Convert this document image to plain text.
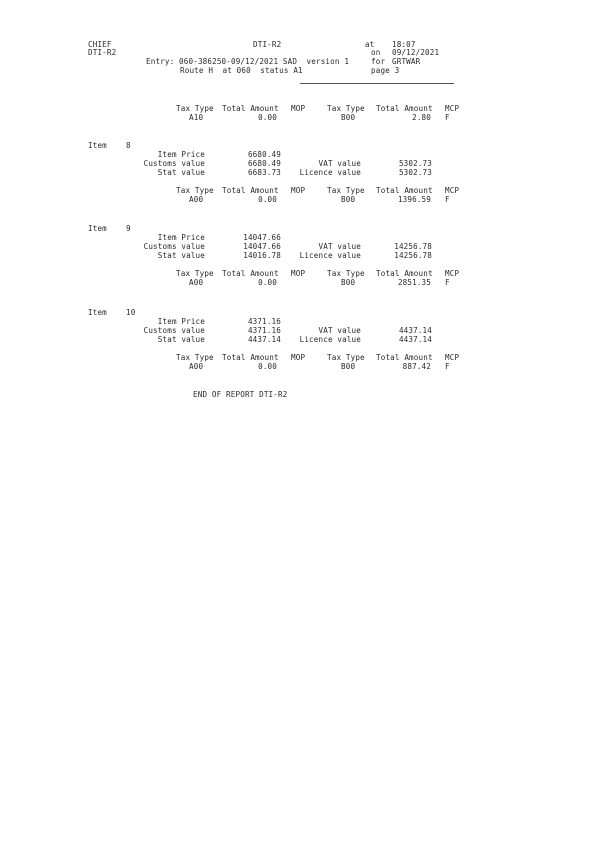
CHIEF
DTI-R2
DTI-R2	at 18:07
on 09/12/2021
Entry: 060-386250-09/12/2021 SAD  version 1	for GRTWAR
Route H  at 060  status A1	page 3
Tax Type Total Amount MOP	Tax Type Total Amount MCP
A10	0.00	B00	2.80 F
Item	8
Item Price	6680.49
Customs value	6680.49	VAT value	5302.73
Stat value	6683.73	Licence value	5302.73
Tax Type Total Amount MOP	Tax Type Total Amount MCP
A00	0.00	B00	1396.59 F
Item	9
Item Price	14047.66
Customs value	14047.66	VAT value	14256.78
Stat value	14016.78	Licence value	14256.78
Tax Type Total Amount MOP	Tax Type Total Amount MCP
A00	0.00	B00	2851.35 F
Item	10
Item Price	4371.16
Customs value	4371.16	VAT value	4437.14
Stat value	4437.14	Licence value	4437.14
Tax Type Total Amount MOP	Tax Type Total Amount MCP
A00	0.00	B00	887.42 F
END OF REPORT DTI-R2
